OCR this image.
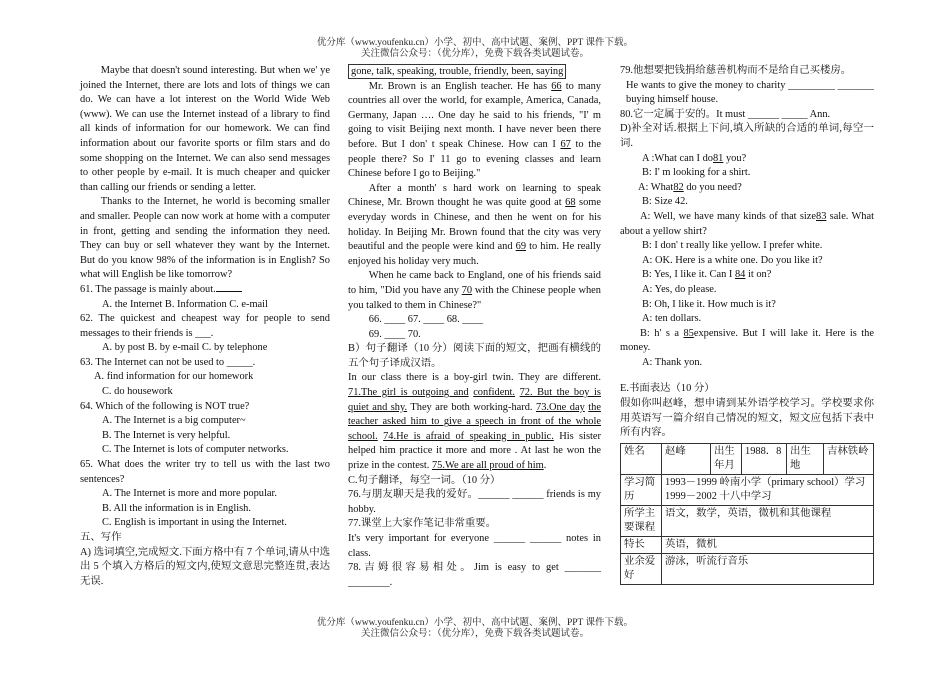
优分库（www.youfenku.cn）小学、初中、高中试题、案例、PPT 课件下载。
关注微信公众号：（优分库），免费下载各类试题试卷。

Maybe that doesn't sound interesting. But when we' ye joined the Internet, there are lots and lots of things we can do. We can have a lot interest on the World Wide Web (www). We can use the Internet instead of a library to find all kinds of information for our homework. We can find information about our favorite sports or film stars and do some shopping on the Internet. We can also send messages to other people by e-mail. It is much cheaper and quicker than calling our friends or sending a letter.

Thanks to the Internet, he world is becoming smaller and smaller. People can now work at home with a computer in front, getting and sending the information they need. They can buy or sell whatever they want by the Internet. But do you know 98% of the information is in English? So what will English be like tomorrow?

61. The passage is mainly about.

A. the Internet B. Information C. e-mail

62. The quickest and cheapest way for people to send messages to their friends is ___.

A. by post B. by e-mail C. by telephone

63. The Internet can not be used to _____.

A. find information for our homework

C. do housework

64. Which of the following is NOT true?

A. The Internet is a big computer~

B. The Internet is very helpful.

C. The Internet is lots of computer networks.

65. What does the writer try to tell us with the last two sentences?

A. The Internet is more and more popular.

B. All the information is in English.

C. English is important in using the Internet.

五、写作

A) 选词填空,完成短文.下面方格中有 7 个单词,请从中选出 5 个填入方格后的短文内,使短文意思完整连贯,表达无误.

gone, talk, speaking, trouble, friendly, been, saying

Mr. Brown is an English teacher. He has 66 to many countries all over the world, for example, America, Canada, Germany, Japan …. One day he said to his friends, "I' m going to visit Beijing next month. I have never been there before. But I don' t speak Chinese. How can I 67 to the people there? So I' 11 go to evening classes and learn Chinese before I go to Beijing."

After a month' s hard work on learning to speak Chinese, Mr. Brown thought he was quite good at 68 some everyday words in Chinese, and then he went on for his holiday. In Beijing Mr. Brown found that the city was very beautiful and the people were kind and 69 to him. He really enjoyed his holiday very much.

When he came back to England, one of his friends said to him, "Did you have any 70 with the Chinese people when you talked to them in Chinese?"

66. ____ 67. ____ 68. ____

69. ____ 70.

B）句子翻译（10 分）阅读下面的短文，把画有横线的五个句子译成汉语。

In our class there is a boy-girl twin. They are different. 71.The girl is outgoing and confident. 72. But the boy is quiet and shy. They are both working-hard. 73.One day the teacher asked him to give a speech in front of the whole school. 74.He is afraid of speaking in public. His sister helped him practice it more and more . At last he won the prize in the contest. 75.We are all proud of him.

C.句子翻译，每空一词。（10 分）

76.与朋友聊天是我的爱好。______ ______ friends is my hobby.

77.课堂上大家作笔记非常重要。

It's very important for everyone ______ ______ notes in class.

78.吉姆很容易相处。Jim is easy to get _______ ________.

79.他想要把钱捐给慈善机构而不是给自己买楼房。

He wants to give the money to charity _________ _______ buying himself house.

80.它一定属于安的。It must ______ _____ Ann.

D)补全对话.根据上下问,填入所缺的合适的单词,每空一词.

A :What can I do81 you?

B: I' m looking for a shirt.

A: What82 do you need?

B: Size 42.

A: Well, we have many kinds of that size83 sale. What about a yellow shirt?

B: I don' t really like yellow. I prefer white.

A: OK. Here is a white one. Do you like it?

B: Yes, I like it. Can I 84 it on?

A: Yes, do please.

B: Oh, I like it. How much is it?

A: ten dollars.

B: h' s a 85expensive. But I will lake it. Here is the money.

A: Thank yon.

E.书面表达（10 分）

假如你叫赵峰，想申请到某外语学校学习。学校要求你用英语写一篇介绍自己情况的短文，短文应包括下表中所有内容。

姓名	赵峰	出生年月	1988．8	出生地	吉林铁岭
学习简历	1993－1999 岭南小学（primary school）学习
1999－2002 十八中学习				

所学主要课程	语文，数学，英语，微机和其他课程				
特长	英语，微机				
业余爱好	游泳，听流行音乐				
优分库（www.youfenku.cn）小学、初中、高中试题、案例、PPT 课件下载。
关注微信公众号：（优分库），免费下载各类试题试卷。
